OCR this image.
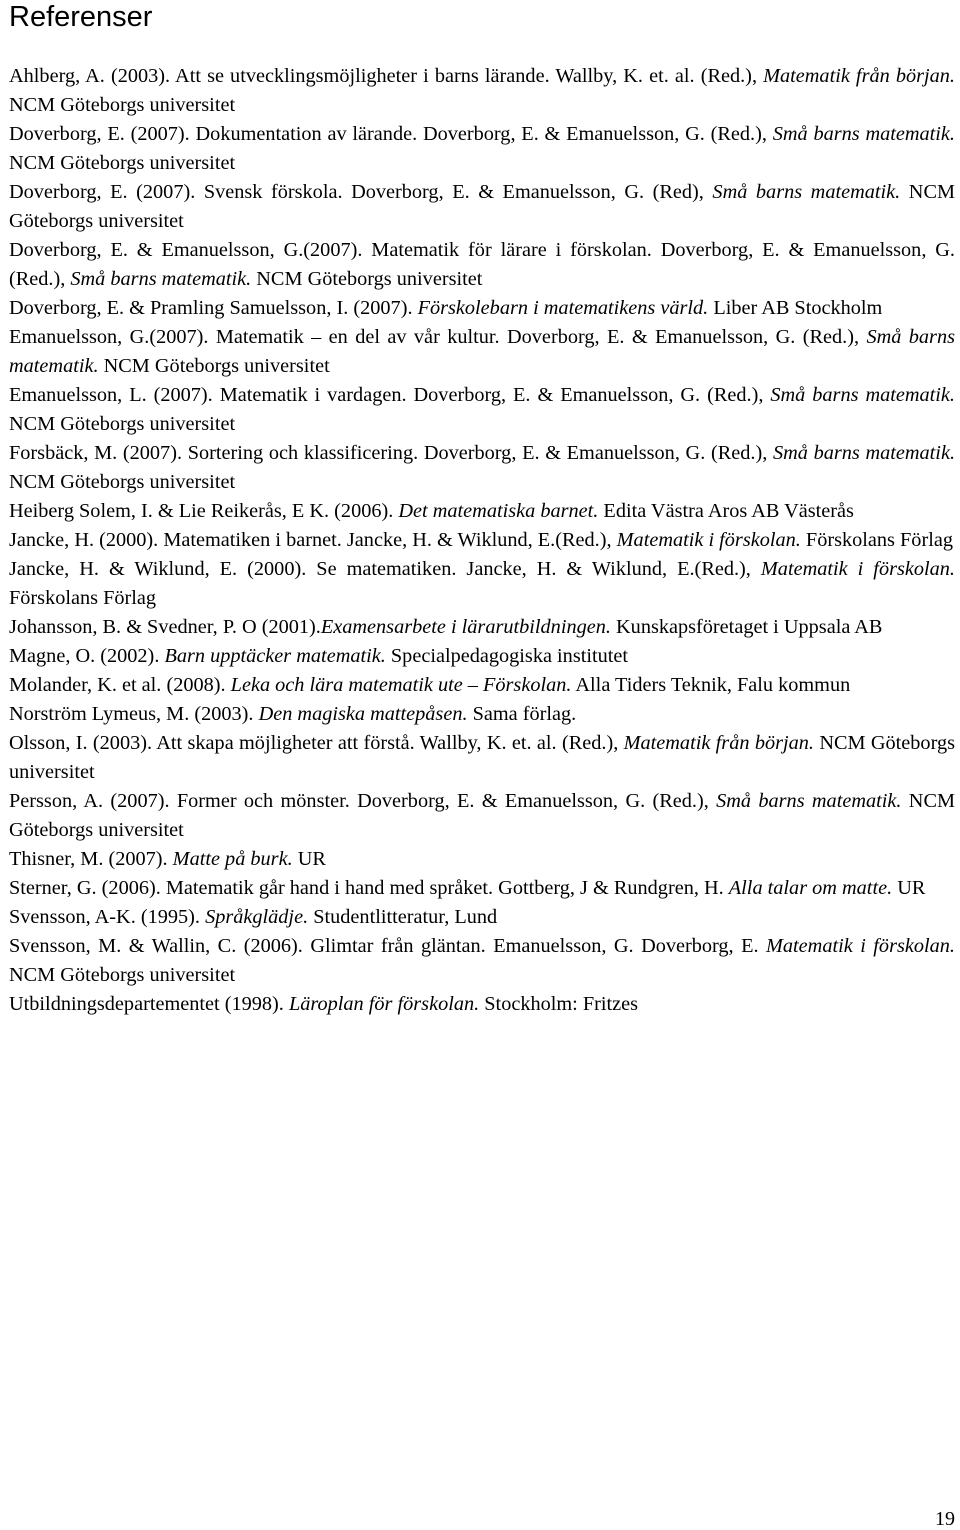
Referenser
Ahlberg, A. (2003). Att se utvecklingsmöjligheter i barns lärande. Wallby, K. et. al. (Red.), Matematik från början. NCM Göteborgs universitet
Doverborg, E. (2007). Dokumentation av lärande. Doverborg, E. & Emanuelsson, G. (Red.), Små barns matematik. NCM Göteborgs universitet
Doverborg, E. (2007). Svensk förskola. Doverborg, E. & Emanuelsson, G. (Red), Små barns matematik. NCM Göteborgs universitet
Doverborg, E. & Emanuelsson, G.(2007). Matematik för lärare i förskolan. Doverborg, E. & Emanuelsson, G. (Red.), Små barns matematik. NCM Göteborgs universitet
Doverborg, E. & Pramling Samuelsson, I. (2007). Förskolebarn i matematikens värld. Liber AB Stockholm
Emanuelsson, G.(2007). Matematik – en del av vår kultur. Doverborg, E. & Emanuelsson, G. (Red.), Små barns matematik. NCM Göteborgs universitet
Emanuelsson, L. (2007). Matematik i vardagen. Doverborg, E. & Emanuelsson, G. (Red.), Små barns matematik. NCM Göteborgs universitet
Forsbäck, M. (2007). Sortering och klassificering. Doverborg, E. & Emanuelsson, G. (Red.), Små barns matematik. NCM Göteborgs universitet
Heiberg Solem, I. & Lie Reikerås, E K. (2006). Det matematiska barnet. Edita Västra Aros AB Västerås
Jancke, H. (2000). Matematiken i barnet. Jancke, H. & Wiklund, E.(Red.), Matematik i förskolan. Förskolans Förlag
Jancke, H. & Wiklund, E. (2000). Se matematiken. Jancke, H. & Wiklund, E.(Red.), Matematik i förskolan. Förskolans Förlag
Johansson, B. & Svedner, P. O (2001).Examensarbete i lärarutbildningen. Kunskapsföretaget i Uppsala AB
Magne, O. (2002). Barn upptäcker matematik. Specialpedagogiska institutet
Molander, K. et al. (2008). Leka och lära matematik ute – Förskolan. Alla Tiders Teknik, Falu kommun
Norström Lymeus, M. (2003). Den magiska mattepåsen. Sama förlag.
Olsson, I. (2003). Att skapa möjligheter att förstå. Wallby, K. et. al. (Red.), Matematik från början. NCM Göteborgs universitet
Persson, A. (2007). Former och mönster. Doverborg, E. & Emanuelsson, G. (Red.), Små barns matematik. NCM Göteborgs universitet
Thisner, M. (2007). Matte på burk. UR
Sterner, G. (2006). Matematik går hand i hand med språket. Gottberg, J & Rundgren, H. Alla talar om matte. UR
Svensson, A-K. (1995). Språkglädje. Studentlitteratur, Lund
Svensson, M. & Wallin, C. (2006). Glimtar från gläntan. Emanuelsson, G. Doverborg, E. Matematik i förskolan. NCM Göteborgs universitet
Utbildningsdepartementet (1998). Läroplan för förskolan. Stockholm: Fritzes
19
